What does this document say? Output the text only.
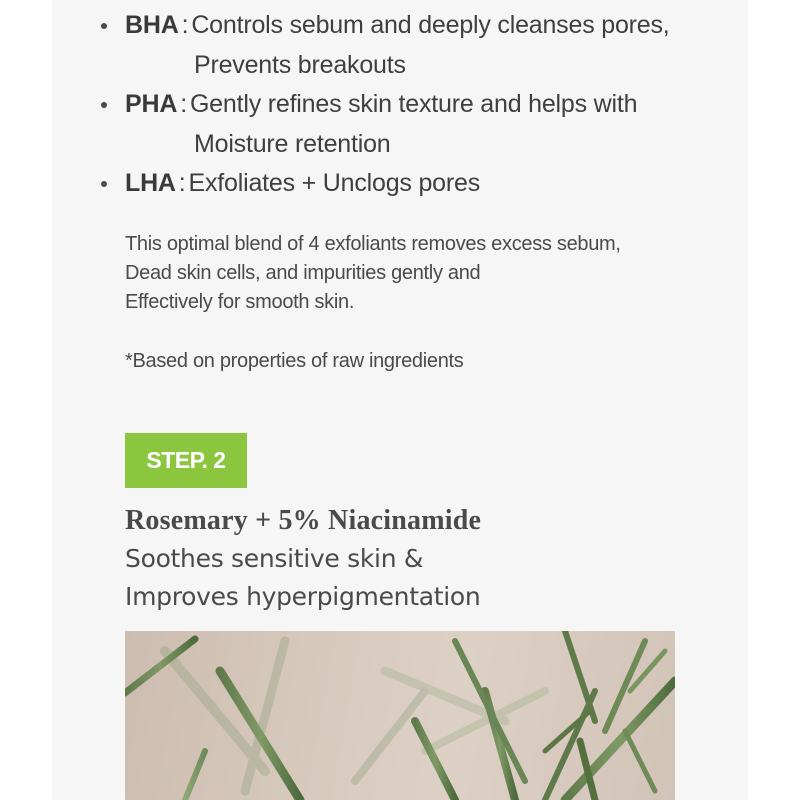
BHA : Controls sebum and deeply cleanses pores,
Prevents breakouts
PHA : Gently refines skin texture and helps with
Moisture retention
LHA : Exfoliates + Unclogs pores

This optimal blend of 4 exfoliants removes excess sebum,
Dead skin cells, and impurities gently and
Effectively for smooth skin.

*Based on properties of raw ingredients

STEP. 2
Rosemary + 5% Niacinamide

Soothes sensitive skin &
Improves hyperpigmentation
